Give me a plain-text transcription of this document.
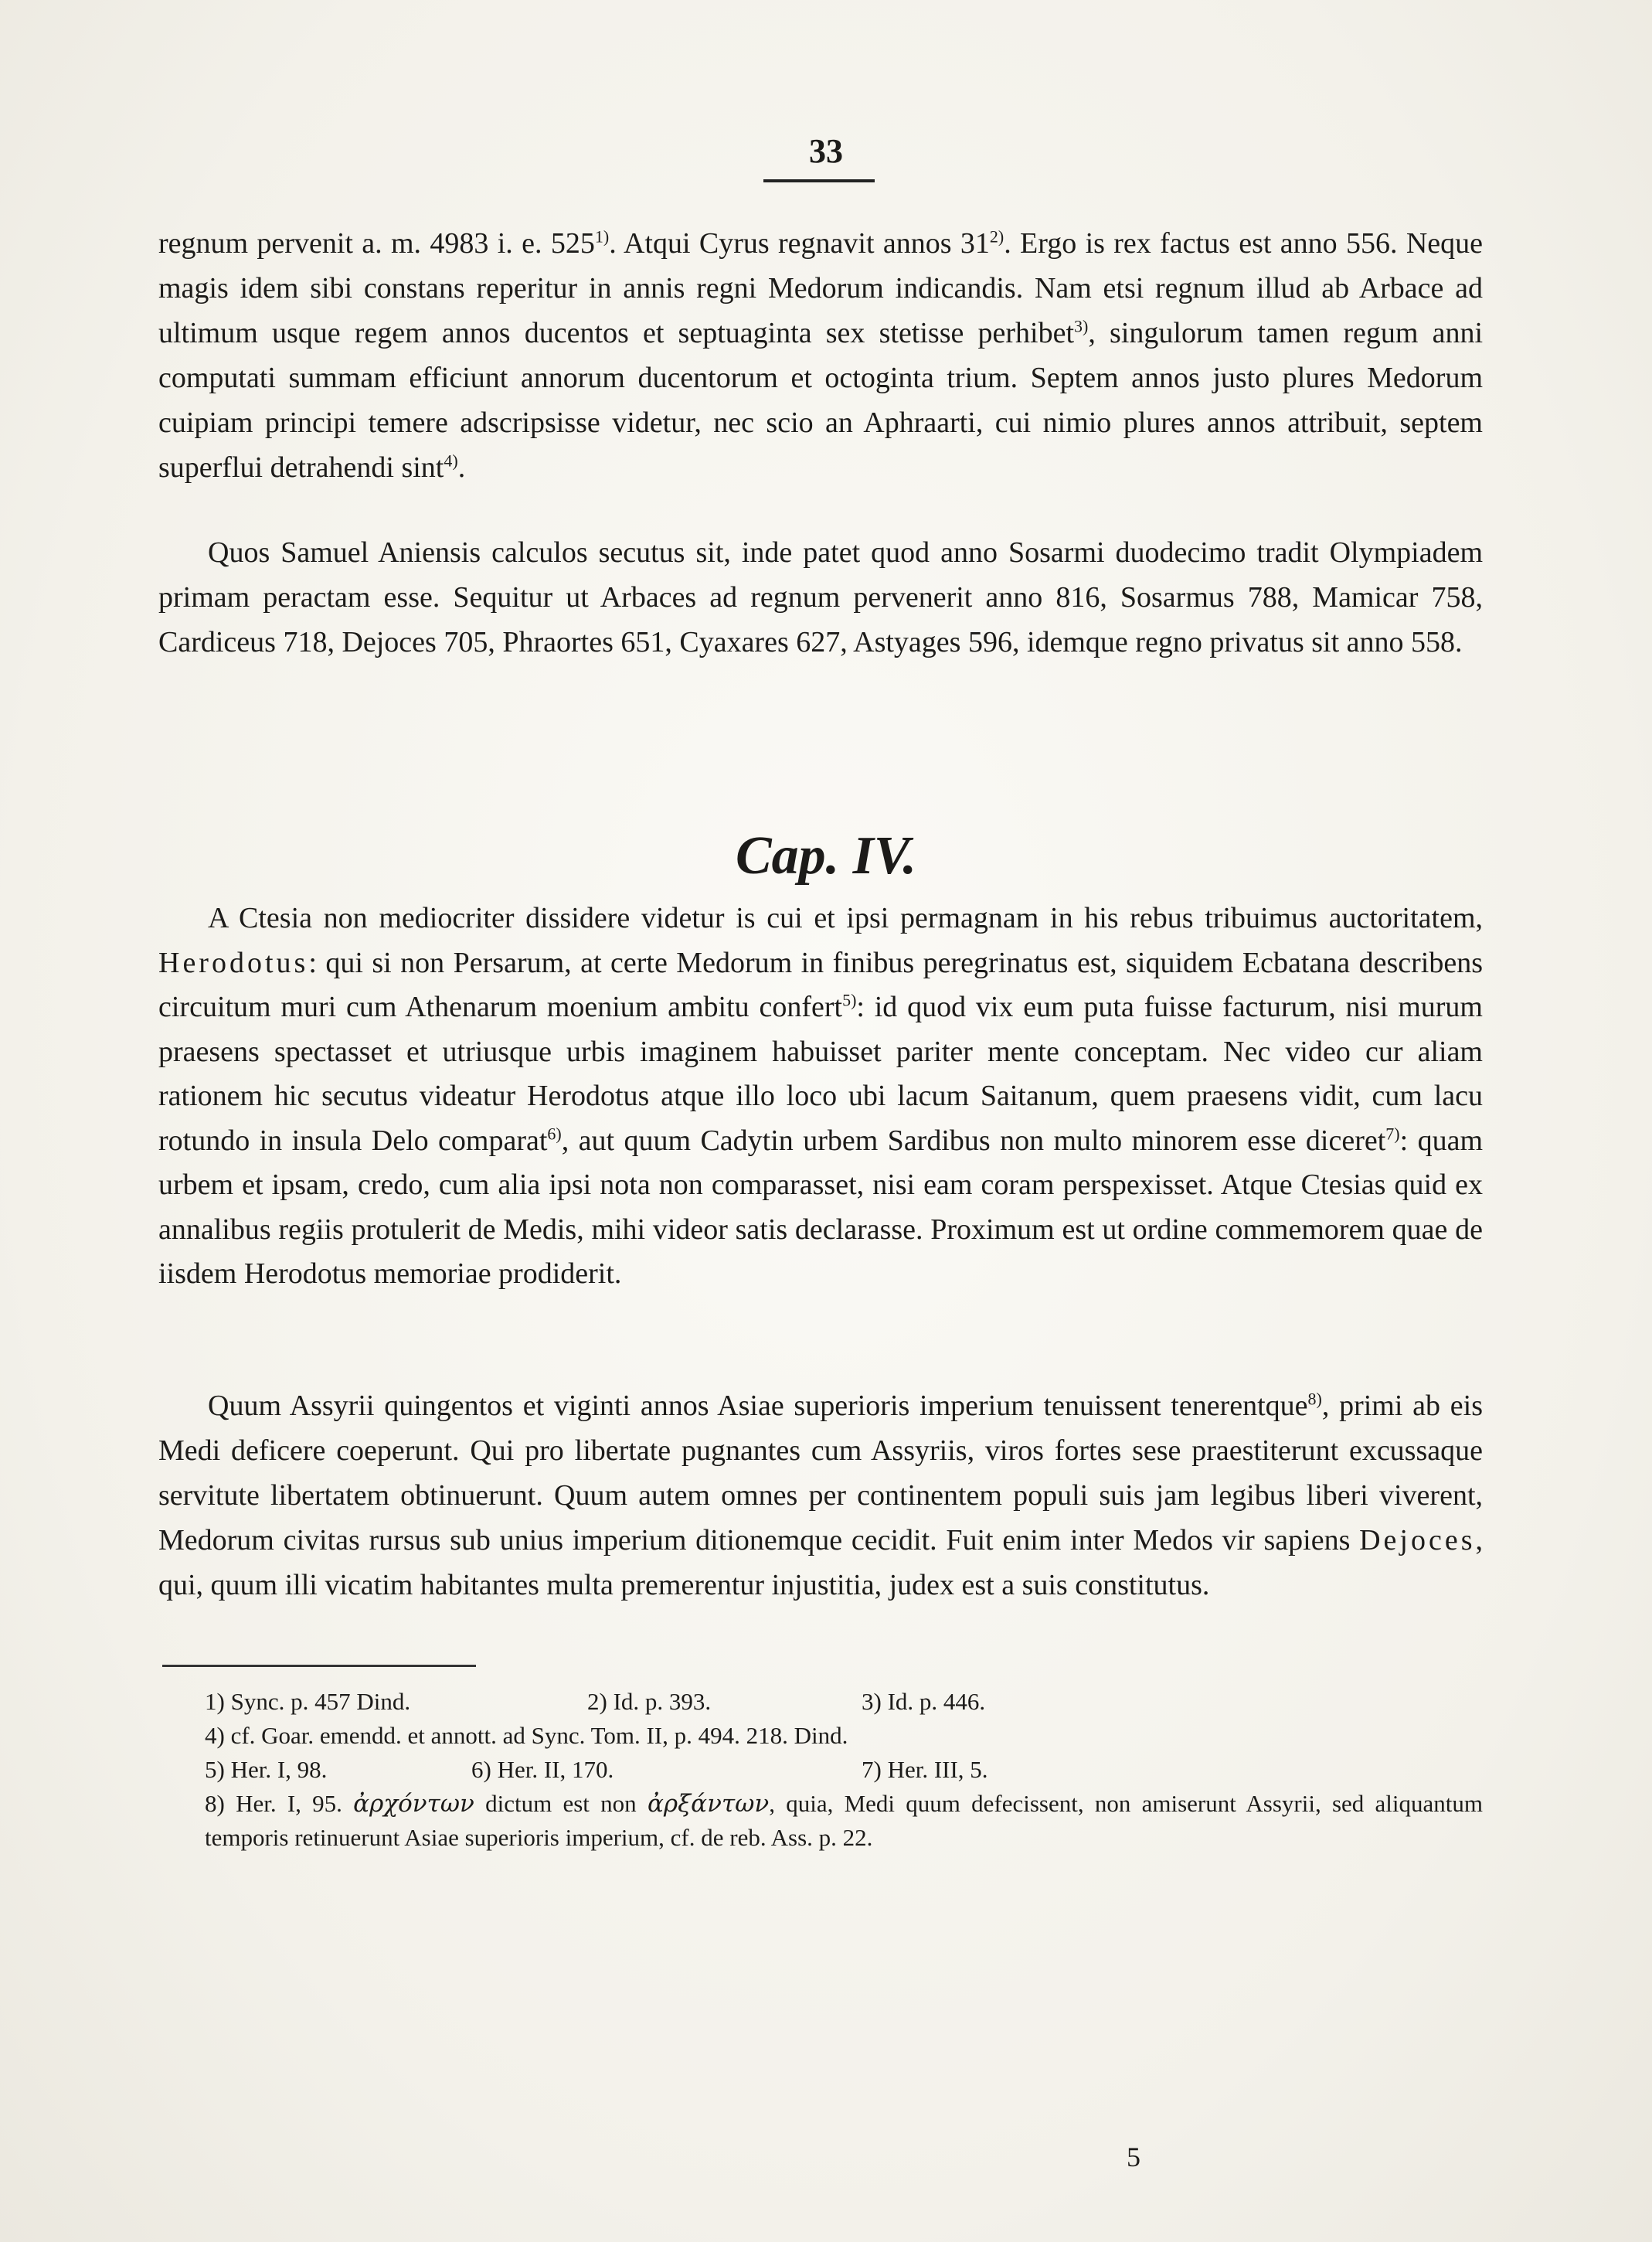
33

regnum pervenit a. m. 4983 i. e. 525$^{1)}$. Atqui Cyrus regnavit annos 31$^{2)}$. Ergo is rex factus est anno 556. Neque magis idem sibi constans reperitur in annis regni Medorum indicandis. Nam etsi regnum illud ab Arbace ad ultimum usque regem annos ducentos et septuaginta sex stetisse perhibet$^{3)}$, singulorum tamen regum anni computati summam efficiunt annorum ducentorum et octoginta trium. Septem annos justo plures Medorum cuipiam principi temere adscripsisse videtur, nec scio an Aphraarti, cui nimio plures annos attribuit, septem superflui detrahendi sint$^{4)}$.

Quos Samuel Aniensis calculos secutus sit, inde patet quod anno Sosarmi duodecimo tradit Olympiadem primam peractam esse. Sequitur ut Arbaces ad regnum pervenerit anno 816, Sosarmus 788, Mamicar 758, Cardiceus 718, Dejoces 705, Phraortes 651, Cyaxares 627, Astyages 596, idemque regno privatus sit anno 558.

Cap. IV.

A Ctesia non mediocriter dissidere videtur is cui et ipsi permagnam in his rebus tribuimus auctoritatem, Herodotus: qui si non Persarum, at certe Medorum in finibus peregrinatus est, siquidem Ecbatana describens circuitum muri cum Athenarum moenium ambitu confert$^{5)}$: id quod vix eum puta fuisse facturum, nisi murum praesens spectasset et utriusque urbis imaginem habuisset pariter mente conceptam. Nec video cur aliam rationem hic secutus videatur Herodotus atque illo loco ubi lacum Saitanum, quem praesens vidit, cum lacu rotundo in insula Delo comparat$^{6)}$, aut quum Cadytin urbem Sardibus non multo minorem esse diceret$^{7)}$: quam urbem et ipsam, credo, cum alia ipsi nota non comparasset, nisi eam coram perspexisset. Atque Ctesias quid ex annalibus regiis protulerit de Medis, mihi videor satis declarasse. Proximum est ut ordine commemorem quae de iisdem Herodotus memoriae prodiderit.

Quum Assyrii quingentos et viginti annos Asiae superioris imperium tenuissent tenerentque$^{8)}$, primi ab eis Medi deficere coeperunt. Qui pro libertate pugnantes cum Assyriis, viros fortes sese praestiterunt excussaque servitute libertatem obtinuerunt. Quum autem omnes per continentem populi suis jam legibus liberi viverent, Medorum civitas rursus sub unius imperium ditionemque cecidit. Fuit enim inter Medos vir sapiens Dejoces, qui, quum illi vicatim habitantes multa premerentur injustitia, judex est a suis constitutus.

1) Sync. p. 457 Dind.	2) Id. p. 393.	3) Id. p. 446.
4) cf. Goar. emendd. et annott. ad Sync. Tom. II, p. 494. 218. Dind.
5) Her. I, 98.	6) Her. II, 170.	7) Her. III, 5.
8) Her. I, 95. ἀρχόντων dictum est non ἀρξάντων, quia, Medi quum defecissent, non amiserunt Assyrii, sed aliquantum temporis retinuerunt Asiae superioris imperium, cf. de reb. Ass. p. 22.
5
